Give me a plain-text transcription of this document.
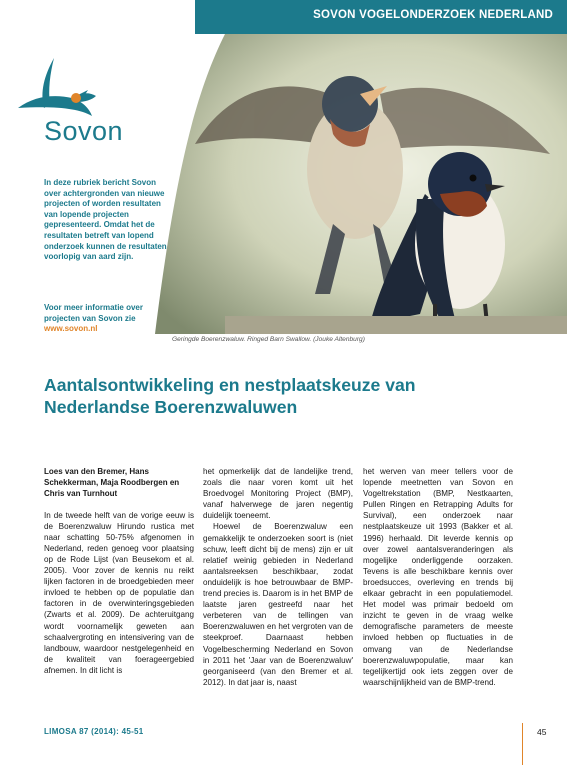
SOVON VOGELONDERZOEK NEDERLAND
Sovon
In deze rubriek bericht Sovon over achtergronden van nieuwe projecten of worden resultaten van lopende projecten gepresenteerd. Omdat het de resultaten betreft van lopend onderzoek kunnen de resultaten voorlopig van aard zijn.
Voor meer informatie over projecten van Sovon zie www.sovon.nl
Geringde Boerenzwaluw. Ringed Barn Swallow. (Jouke Altenburg)
Aantalsontwikkeling en nestplaatskeuze van Nederlandse Boerenzwaluwen
Loes van den Bremer, Hans Schekkerman, Maja Roodbergen en Chris van Turnhout

In de tweede helft van de vorige eeuw is de Boerenzwaluw Hirundo rustica met naar schatting 50-75% afgenomen in Nederland, reden genoeg voor plaatsing op de Rode Lijst (van Beusekom et al. 2005). Voor zover de kennis nu reikt lijken factoren in de broedgebieden meer invloed te hebben op de populatie dan factoren in de overwinteringsgebieden (Zwarts et al. 2009). De achteruitgang wordt voornamelijk geweten aan schaalvergroting en intensivering van de landbouw, waardoor nestgelegenheid en de kwaliteit van foerageergebied afnemen. In dit licht is

het opmerkelijk dat de landelijke trend, zoals die naar voren komt uit het Broedvogel Monitoring Project (BMP), vanaf halverwege de jaren negentig duidelijk toeneemt.

Hoewel de Boerenzwaluw een gemakkelijk te onderzoeken soort is (niet schuw, leeft dicht bij de mens) zijn er uit relatief weinig gebieden in Nederland aantalsreeksen beschikbaar, zodat onduidelijk is hoe betrouwbaar de BMP-trend precies is. Daarom is in het BMP de laatste jaren gestreefd naar het verbeteren van de tellingen van Boerenzwaluwen en het vergroten van de steekproef. Daarnaast hebben Vogelbescherming Nederland en Sovon in 2011 het 'Jaar van de Boerenzwaluw' georganiseerd (van den Bremer et al. 2012). In dat jaar is, naast

het werven van meer tellers voor de lopende meetnetten van Sovon en Vogeltrekstation (BMP, Nestkaarten, Pullen Ringen en Retrapping Adults for Survival), een onderzoek naar nestplaatskeuze uit 1993 (Bakker et al. 1996) herhaald. Dit leverde kennis op over zowel aantalsveranderingen als mogelijke onderliggende oorzaken. Tevens is alle beschikbare kennis over broedsucces, overleving en trends bij elkaar gebracht in een populatiemodel. Het model was primair bedoeld om inzicht te geven in de vraag welke demografische parameters de meeste invloed hebben op fluctuaties in de omvang van de Nederlandse boerenzwaluwpopulatie, maar kan tegelijkertijd ook iets zeggen over de waarschijnlijkheid van de BMP-trend.

LIMOSA 87 (2014): 45-51	45
